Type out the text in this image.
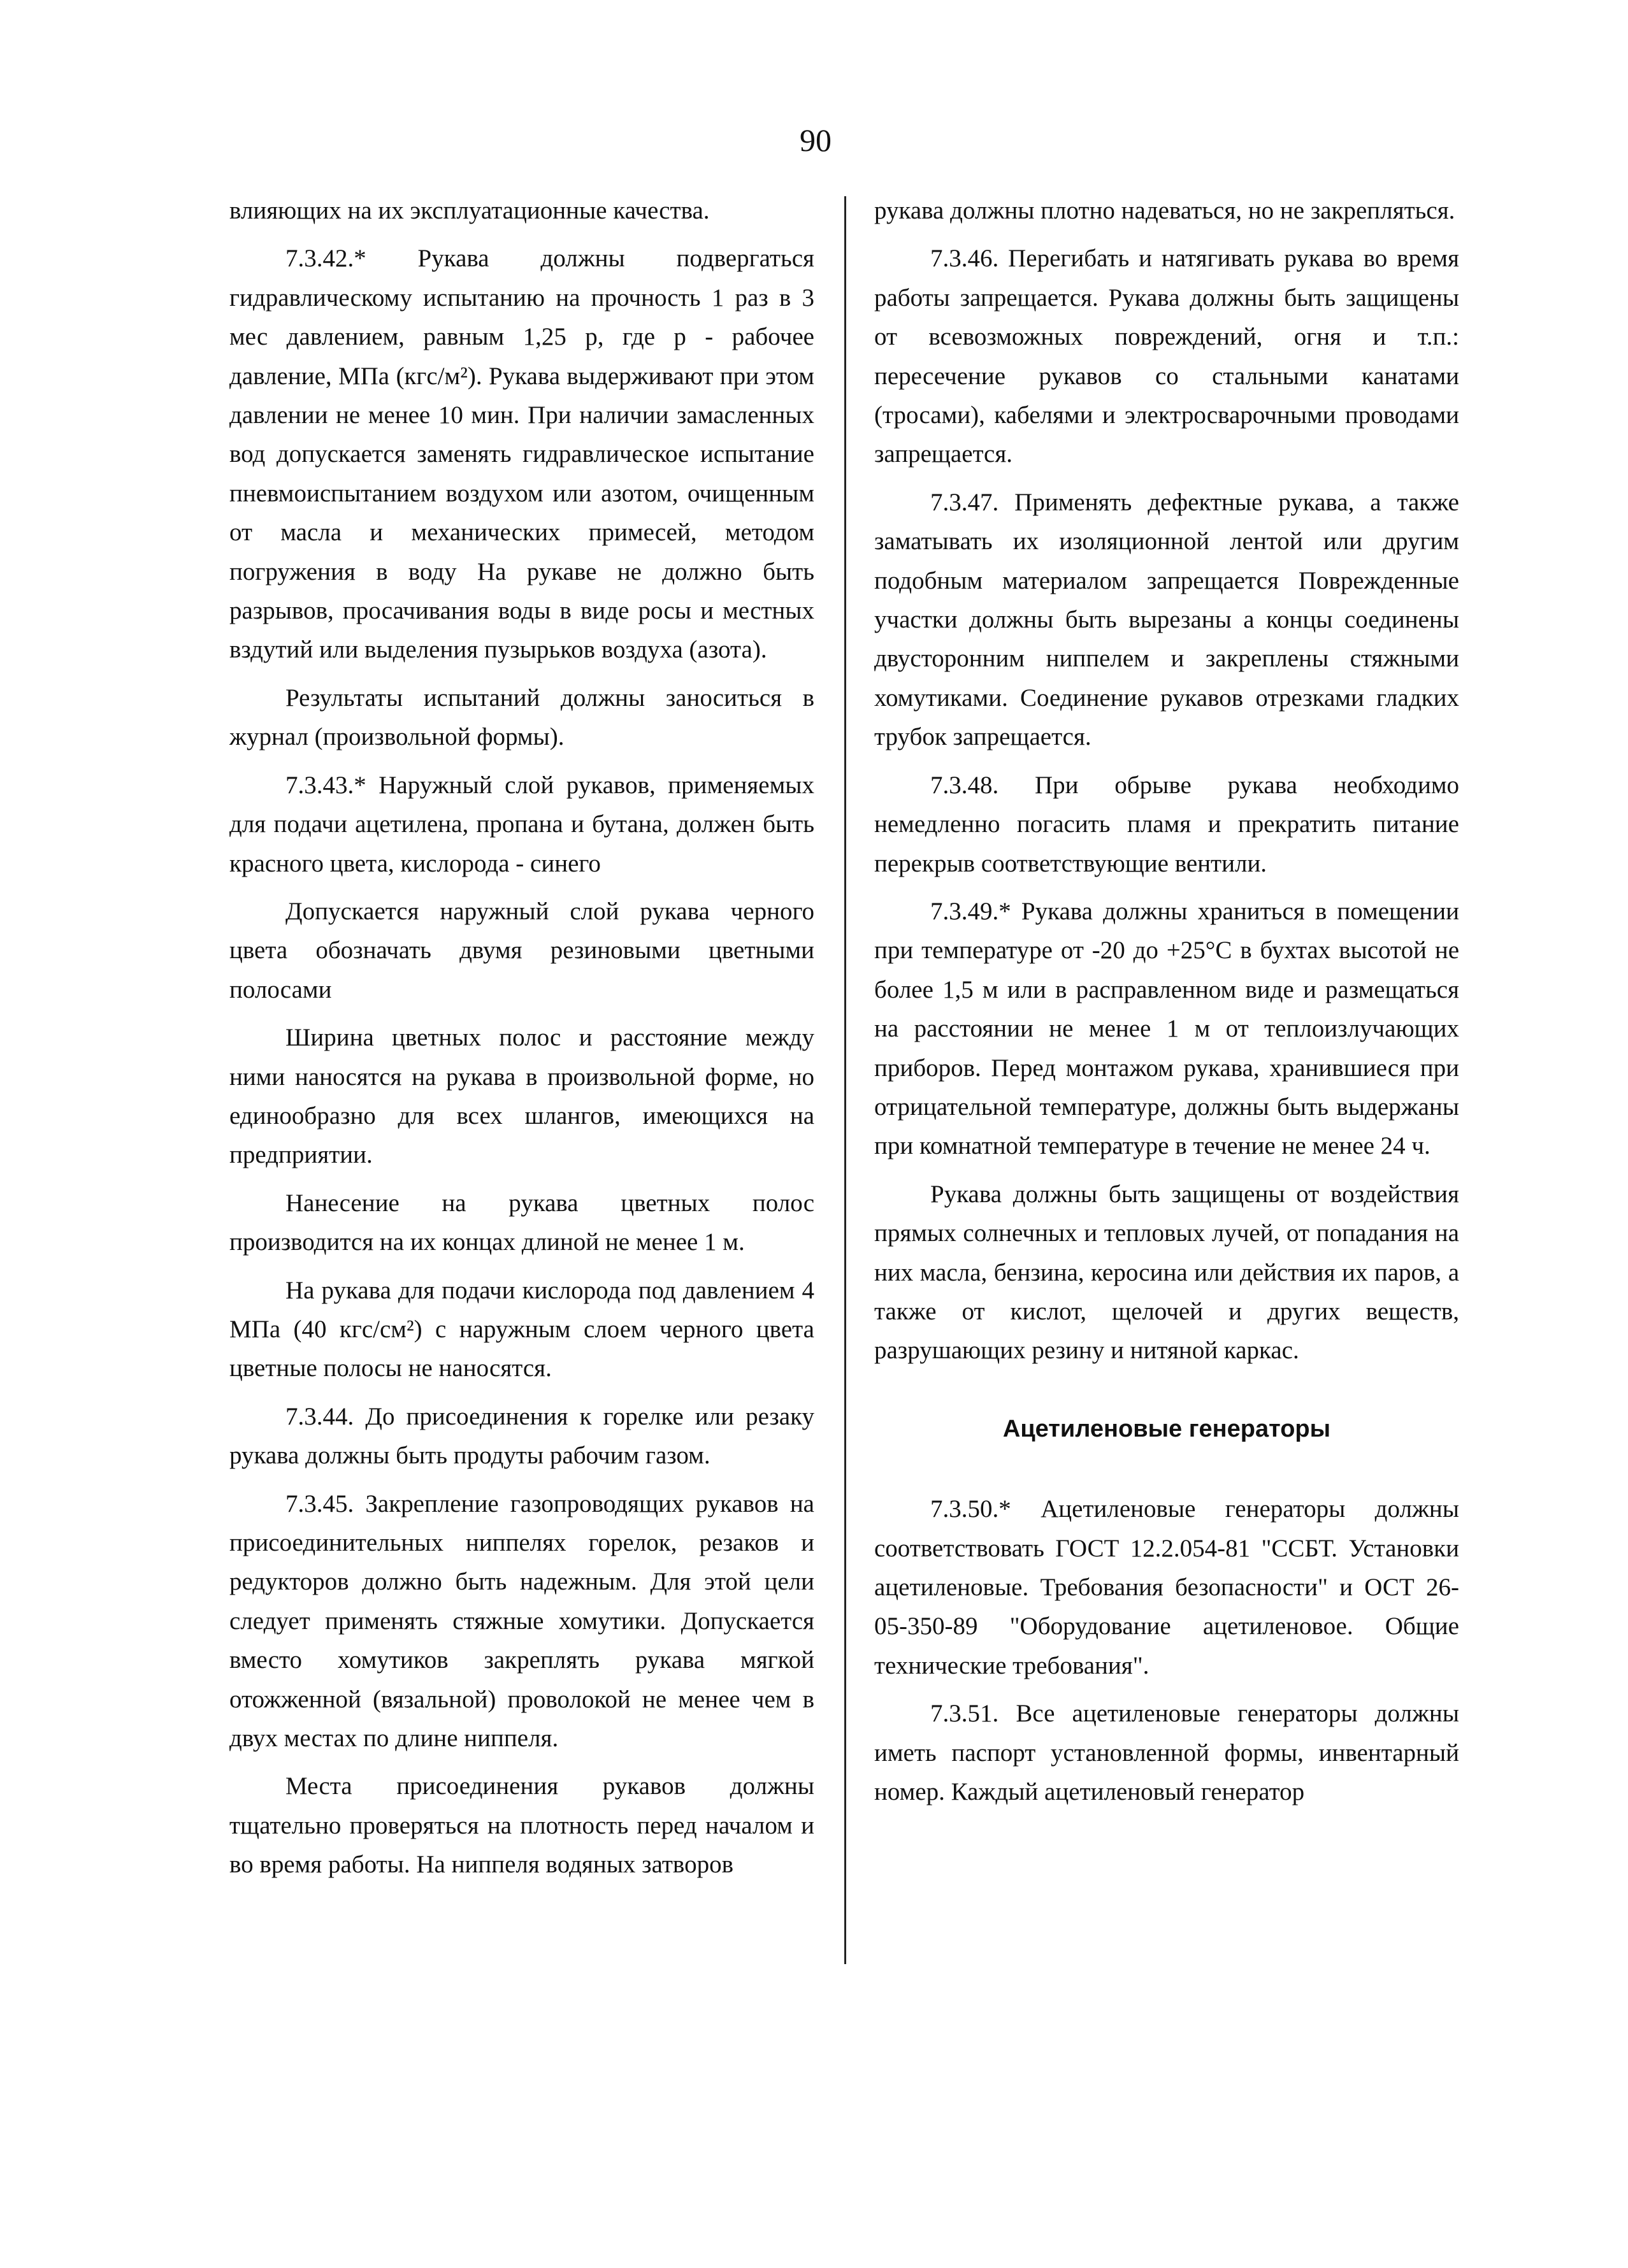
90

влияющих на их эксплуатационные качества.

7.3.42.* Рукава должны подвергаться гидравлическому испытанию на прочность 1 раз в 3 мес давлением, равным 1,25 р, где р - рабочее давление, МПа (кгс/м²). Рукава выдерживают при этом давлении не менее 10 мин. При наличии замасленных вод допускается заменять гидравлическое испытание пневмоиспытанием воздухом или азотом, очищенным от масла и механических примесей, методом погружения в воду На рукаве не должно быть разрывов, просачивания воды в виде росы и местных вздутий или выделения пузырьков воздуха (азота).

Результаты испытаний должны заноситься в журнал (произвольной формы).

7.3.43.* Наружный слой рукавов, применяемых для подачи ацетилена, пропана и бутана, должен быть красного цвета, кислорода - синего

Допускается наружный слой рукава черного цвета обозначать двумя резиновыми цветными полосами

Ширина цветных полос и расстояние между ними наносятся на рукава в произвольной форме, но единообразно для всех шлангов, имеющихся на предприятии.

Нанесение на рукава цветных полос производится на их концах длиной не менее 1 м.

На рукава для подачи кислорода под давлением 4 МПа (40 кгс/см²) с наружным слоем черного цвета цветные полосы не наносятся.

7.3.44. До присоединения к горелке или резаку рукава должны быть продуты рабочим газом.

7.3.45. Закрепление газопроводящих рукавов на присоединительных ниппелях горелок, резаков и редукторов должно быть надежным. Для этой цели следует применять стяжные хомутики. Допускается вместо хомутиков закреплять рукава мягкой отожженной (вязальной) проволокой не менее чем в двух местах по длине ниппеля.

Места присоединения рукавов должны тщательно проверяться на плотность перед началом и во время работы. На ниппеля водяных затворов

рукава должны плотно надеваться, но не закрепляться.

7.3.46. Перегибать и натягивать рукава во время работы запрещается. Рукава должны быть защищены от всевозможных повреждений, огня и т.п.: пересечение рукавов со стальными канатами (тросами), кабелями и электросварочными проводами запрещается.

7.3.47. Применять дефектные рукава, а также заматывать их изоляционной лентой или другим подобным материалом запрещается Поврежденные участки должны быть вырезаны а концы соединены двусторонним ниппелем и закреплены стяжными хомутиками. Соединение рукавов отрезками гладких трубок запрещается.

7.3.48. При обрыве рукава необходимо немедленно погасить пламя и прекратить питание перекрыв соответствующие вентили.

7.3.49.* Рукава должны храниться в помещении при температуре от -20 до +25°С в бухтах высотой не более 1,5 м или в расправленном виде и размещаться на расстоянии не менее 1 м от теплоизлучающих приборов. Перед монтажом рукава, хранившиеся при отрицательной температуре, должны быть выдержаны при комнатной температуре в течение не менее 24 ч.

Рукава должны быть защищены от воздействия прямых солнечных и тепловых лучей, от попадания на них масла, бензина, керосина или действия их паров, а также от кислот, щелочей и других веществ, разрушающих резину и нитяной каркас.

Ацетиленовые генераторы

7.3.50.* Ацетиленовые генераторы должны соответствовать ГОСТ 12.2.054-81 "ССБТ. Установки ацетиленовые. Требования безопасности" и ОСТ 26-05-350-89 "Оборудование ацетиленовое. Общие технические требования".

7.3.51. Все ацетиленовые генераторы должны иметь паспорт установленной формы, инвентарный номер. Каждый ацетиленовый генератор
